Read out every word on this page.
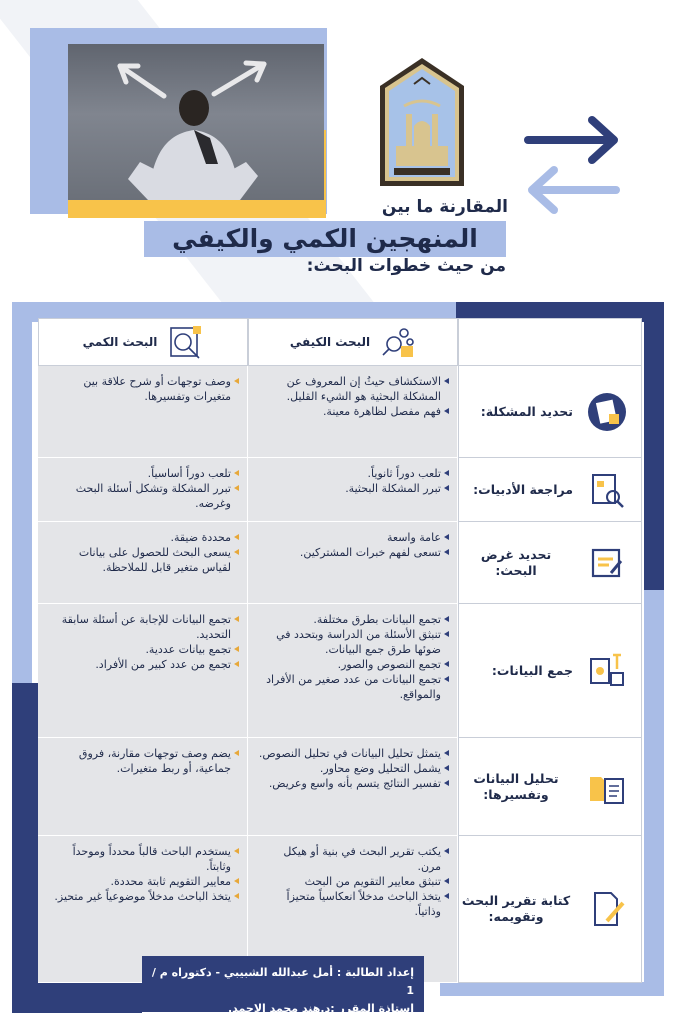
المقارنة ما بين
المنهجين الكمي والكيفي
من حيث خطوات البحث:
البحث الكيفي
البحث الكمي
الاستكشاف حيثُ إن المعروف عن المشكلة البحثية هو الشيء القليل.
فهم مفصل لظاهرة معينة.
وصف توجهات أو شرح علاقة بين متغيرات وتفسيرها.
تحديد المشكلة:
تلعب دوراً ثانوياً.
تبرر المشكلة البحثية.
تلعب دوراً أساسياً.
تبرر المشكلة وتشكل أسئلة البحث وغرضه.
مراجعة الأدبيات:
عامة واسعة
تسعى لفهم خبرات المشتركين.
محددة ضيقة.
يسعى البحث للحصول على بيانات لقياس متغير قابل للملاحظة.
تحديد غرض البحث:
تجمع البيانات بطرق مختلفة.
تنبثق الأسئلة من الدراسة وبتحدد في ضوئها طرق جمع البيانات.
تجمع النصوص والصور.
تجمع البيانات من عدد صغير من الأفراد والمواقع.
تجمع البيانات للإجابة عن أسئلة سابقة التحديد.
تجمع بيانات عددية.
تجمع من عدد كبير من الأفراد.	جمع البيانات:
يتمثل تحليل البيانات في تحليل النصوص.
يشمل التحليل وضع محاور.
تفسير النتائج يتسم بأنه واسع وعريض.
يضم وصف توجهات مقارنة، فروق جماعية، أو ربط متغيرات.
تحليل البيانات وتفسيرها:
يكتب تقرير البحث في بنية أو هيكل مرن.
تنبثق معايير التقويم من البحث
يتخذ الباحث مدخلاً انعكاسياً متحيزاً وذاتياً.
يستخدم الباحث قالباً محدداً وموحداً وثابتاً.
معايير التقويم ثابتة محددة.
يتخذ الباحث مدخلاً موضوعياً غير متحيز.	كتابة تقرير البحث وتقويمه:
إعداد الطالبة : أمل عبدالله الشبيبي - دكتوراه م / 1
استاذة المقرر :د.هند محمد الاحمد.
